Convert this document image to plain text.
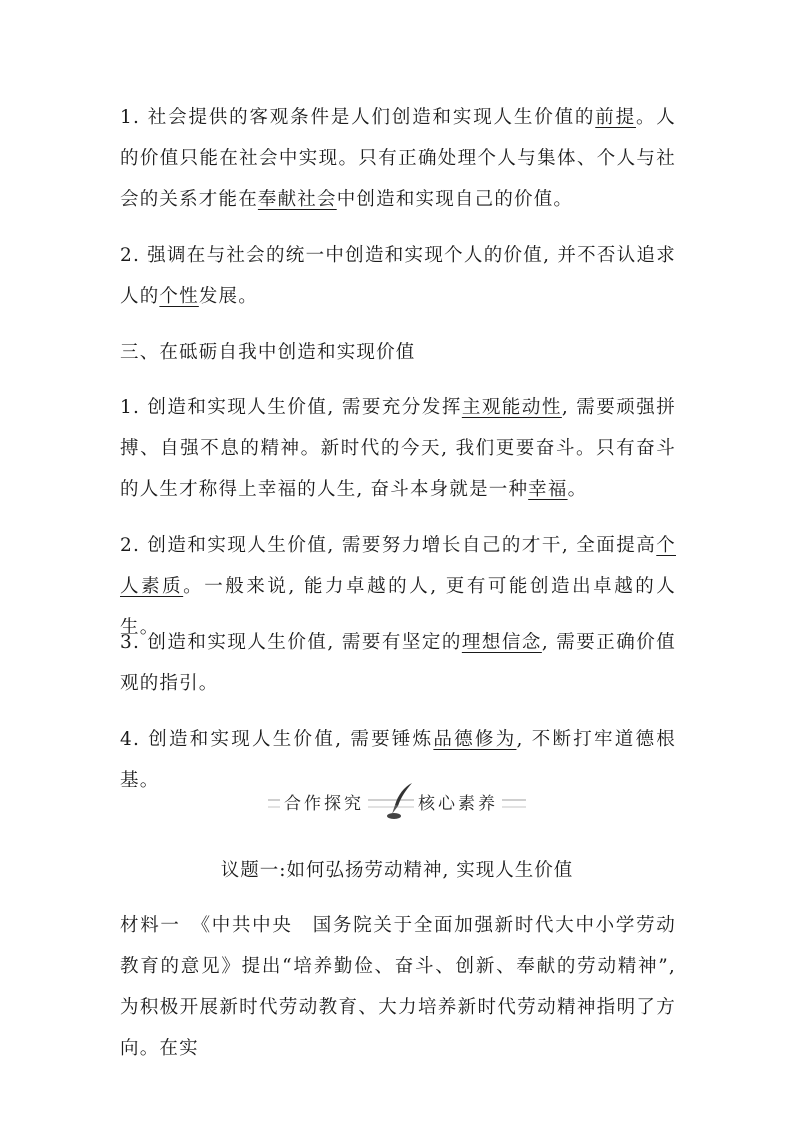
1. 社会提供的客观条件是人们创造和实现人生价值的前提。人的价值只能在社会中实现。只有正确处理个人与集体、个人与社会的关系才能在奉献社会中创造和实现自己的价值。

2. 强调在与社会的统一中创造和实现个人的价值, 并不否认追求人的个性发展。

三、在砥砺自我中创造和实现价值

1. 创造和实现人生价值, 需要充分发挥主观能动性, 需要顽强拼搏、自强不息的精神。新时代的今天, 我们更要奋斗。只有奋斗的人生才称得上幸福的人生, 奋斗本身就是一种幸福。

2. 创造和实现人生价值, 需要努力增长自己的才干, 全面提高个人素质。一般来说, 能力卓越的人, 更有可能创造出卓越的人生。

3. 创造和实现人生价值, 需要有坚定的理想信念, 需要正确价值观的指引。

4. 创造和实现人生价值, 需要锤炼品德修为, 不断打牢道德根基。

合作探究	核心素养
议题一:如何弘扬劳动精神, 实现人生价值

材料一　《中共中央　国务院关于全面加强新时代大中小学劳动教育的意见》提出“培养勤俭、奋斗、创新、奉献的劳动精神”, 为积极开展新时代劳动教育、大力培养新时代劳动精神指明了方向。在实
